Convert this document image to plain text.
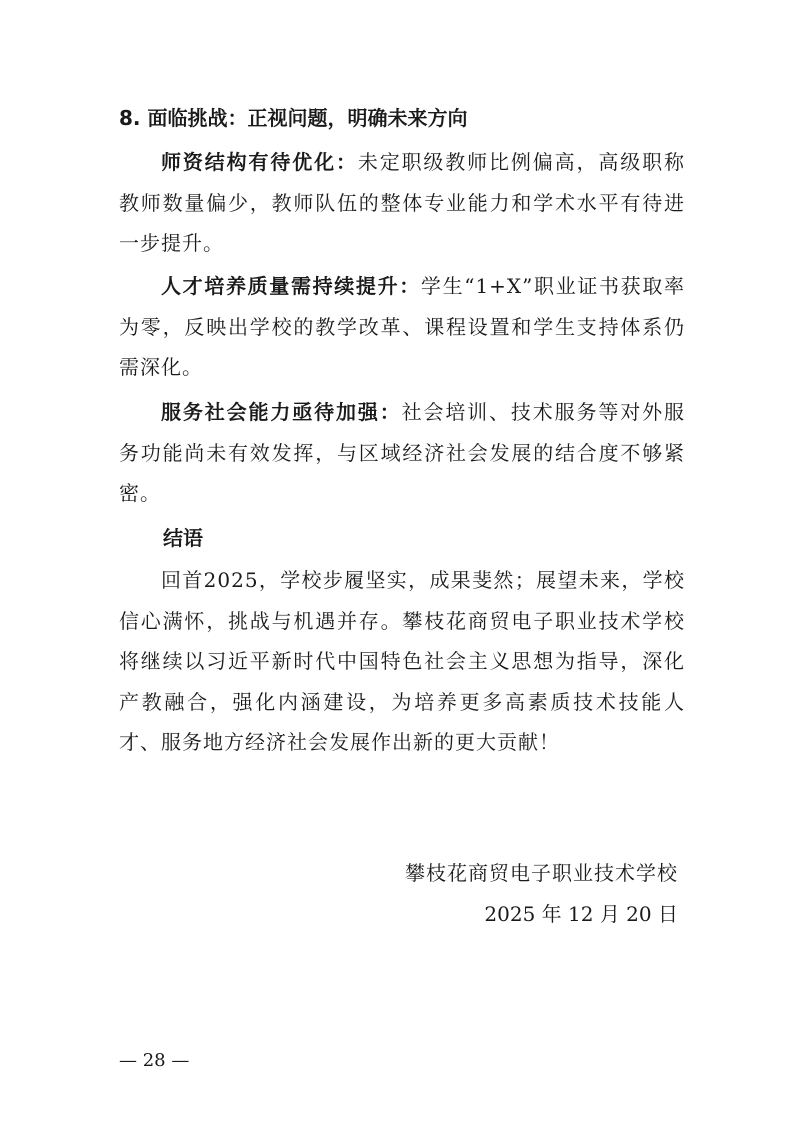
8. 面临挑战：正视问题，明确未来方向

师资结构有待优化：未定职级教师比例偏高，高级职称教师数量偏少，教师队伍的整体专业能力和学术水平有待进一步提升。

人才培养质量需持续提升：学生“1+X”职业证书获取率为零，反映出学校的教学改革、课程设置和学生支持体系仍需深化。

服务社会能力亟待加强：社会培训、技术服务等对外服务功能尚未有效发挥，与区域经济社会发展的结合度不够紧密。

结语

回首2025，学校步履坚实，成果斐然；展望未来，学校信心满怀，挑战与机遇并存。攀枝花商贸电子职业技术学校将继续以习近平新时代中国特色社会主义思想为指导，深化产教融合，强化内涵建设，为培养更多高素质技术技能人才、服务地方经济社会发展作出新的更大贡献！

攀枝花商贸电子职业技术学校
2025 年 12 月 20 日
— 28 —
